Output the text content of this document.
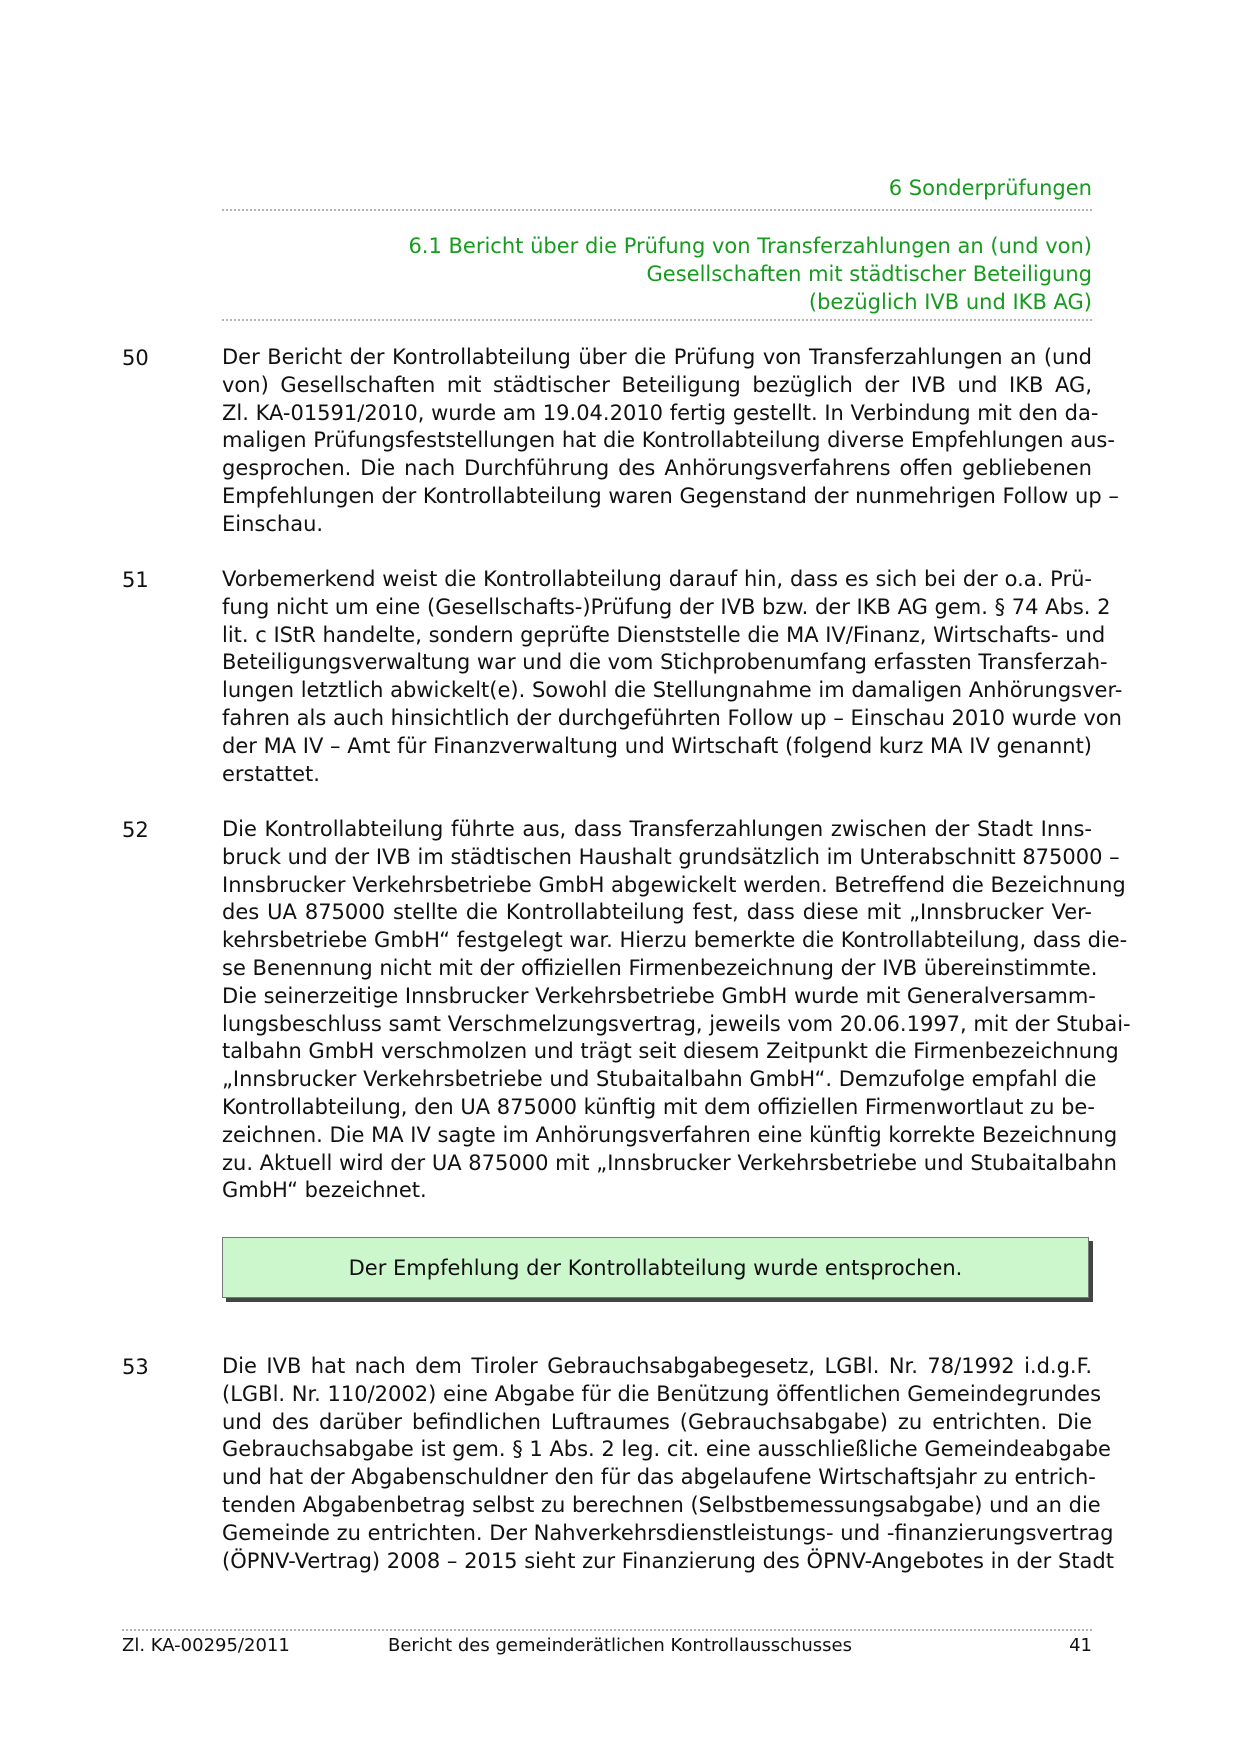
6 Sonderprüfungen
6.1 Bericht über die Prüfung von Transferzahlungen an (und von)
Gesellschaften mit städtischer Beteiligung
(bezüglich IVB und IKB AG)
50	Der Bericht der Kontrollabteilung über die Prüfung von Transferzahlungen an (und
von) Gesellschaften mit städtischer Beteiligung bezüglich der IVB und IKB AG,
Zl. KA-01591/2010, wurde am 19.04.2010 fertig gestellt. In Verbindung mit den da-
maligen Prüfungsfeststellungen hat die Kontrollabteilung diverse Empfehlungen aus-
gesprochen. Die nach Durchführung des Anhörungsverfahrens offen gebliebenen
Empfehlungen der Kontrollabteilung waren Gegenstand der nunmehrigen Follow up –
Einschau.
51	Vorbemerkend weist die Kontrollabteilung darauf hin, dass es sich bei der o.a. Prü-
fung nicht um eine (Gesellschafts-)Prüfung der IVB bzw. der IKB AG gem. § 74 Abs. 2
lit. c IStR handelte, sondern geprüfte Dienststelle die MA IV/Finanz, Wirtschafts- und
Beteiligungsverwaltung war und die vom Stichprobenumfang erfassten Transferzah-
lungen letztlich abwickelt(e). Sowohl die Stellungnahme im damaligen Anhörungsver-
fahren als auch hinsichtlich der durchgeführten Follow up – Einschau 2010 wurde von
der MA IV – Amt für Finanzverwaltung und Wirtschaft (folgend kurz MA IV genannt)
erstattet.
52	Die Kontrollabteilung führte aus, dass Transferzahlungen zwischen der Stadt Inns-
bruck und der IVB im städtischen Haushalt grundsätzlich im Unterabschnitt 875000 –
Innsbrucker Verkehrsbetriebe GmbH abgewickelt werden. Betreffend die Bezeichnung
des UA 875000 stellte die Kontrollabteilung fest, dass diese mit „Innsbrucker Ver-
kehrsbetriebe GmbH“ festgelegt war. Hierzu bemerkte die Kontrollabteilung, dass die-
se Benennung nicht mit der offiziellen Firmenbezeichnung der IVB übereinstimmte.
Die seinerzeitige Innsbrucker Verkehrsbetriebe GmbH wurde mit Generalversamm-
lungsbeschluss samt Verschmelzungsvertrag, jeweils vom 20.06.1997, mit der Stubai-
talbahn GmbH verschmolzen und trägt seit diesem Zeitpunkt die Firmenbezeichnung
„Innsbrucker Verkehrsbetriebe und Stubaitalbahn GmbH“. Demzufolge empfahl die
Kontrollabteilung, den UA 875000 künftig mit dem offiziellen Firmenwortlaut zu be-
zeichnen. Die MA IV sagte im Anhörungsverfahren eine künftig korrekte Bezeichnung
zu. Aktuell wird der UA 875000 mit „Innsbrucker Verkehrsbetriebe und Stubaitalbahn
GmbH“ bezeichnet.
Der Empfehlung der Kontrollabteilung wurde entsprochen.
53	Die IVB hat nach dem Tiroler Gebrauchsabgabegesetz, LGBl. Nr. 78/1992 i.d.g.F.
(LGBl. Nr. 110/2002) eine Abgabe für die Benützung öffentlichen Gemeindegrundes
und des darüber befindlichen Luftraumes (Gebrauchsabgabe) zu entrichten. Die
Gebrauchsabgabe ist gem. § 1 Abs. 2 leg. cit. eine ausschließliche Gemeindeabgabe
und hat der Abgabenschuldner den für das abgelaufene Wirtschaftsjahr zu entrich-
tenden Abgabenbetrag selbst zu berechnen (Selbstbemessungsabgabe) und an die
Gemeinde zu entrichten. Der Nahverkehrsdienstleistungs- und -finanzierungsvertrag
(ÖPNV-Vertrag) 2008 – 2015 sieht zur Finanzierung des ÖPNV-Angebotes in der Stadt
Zl. KA-00295/2011	Bericht des gemeinderätlichen Kontrollausschusses	41
